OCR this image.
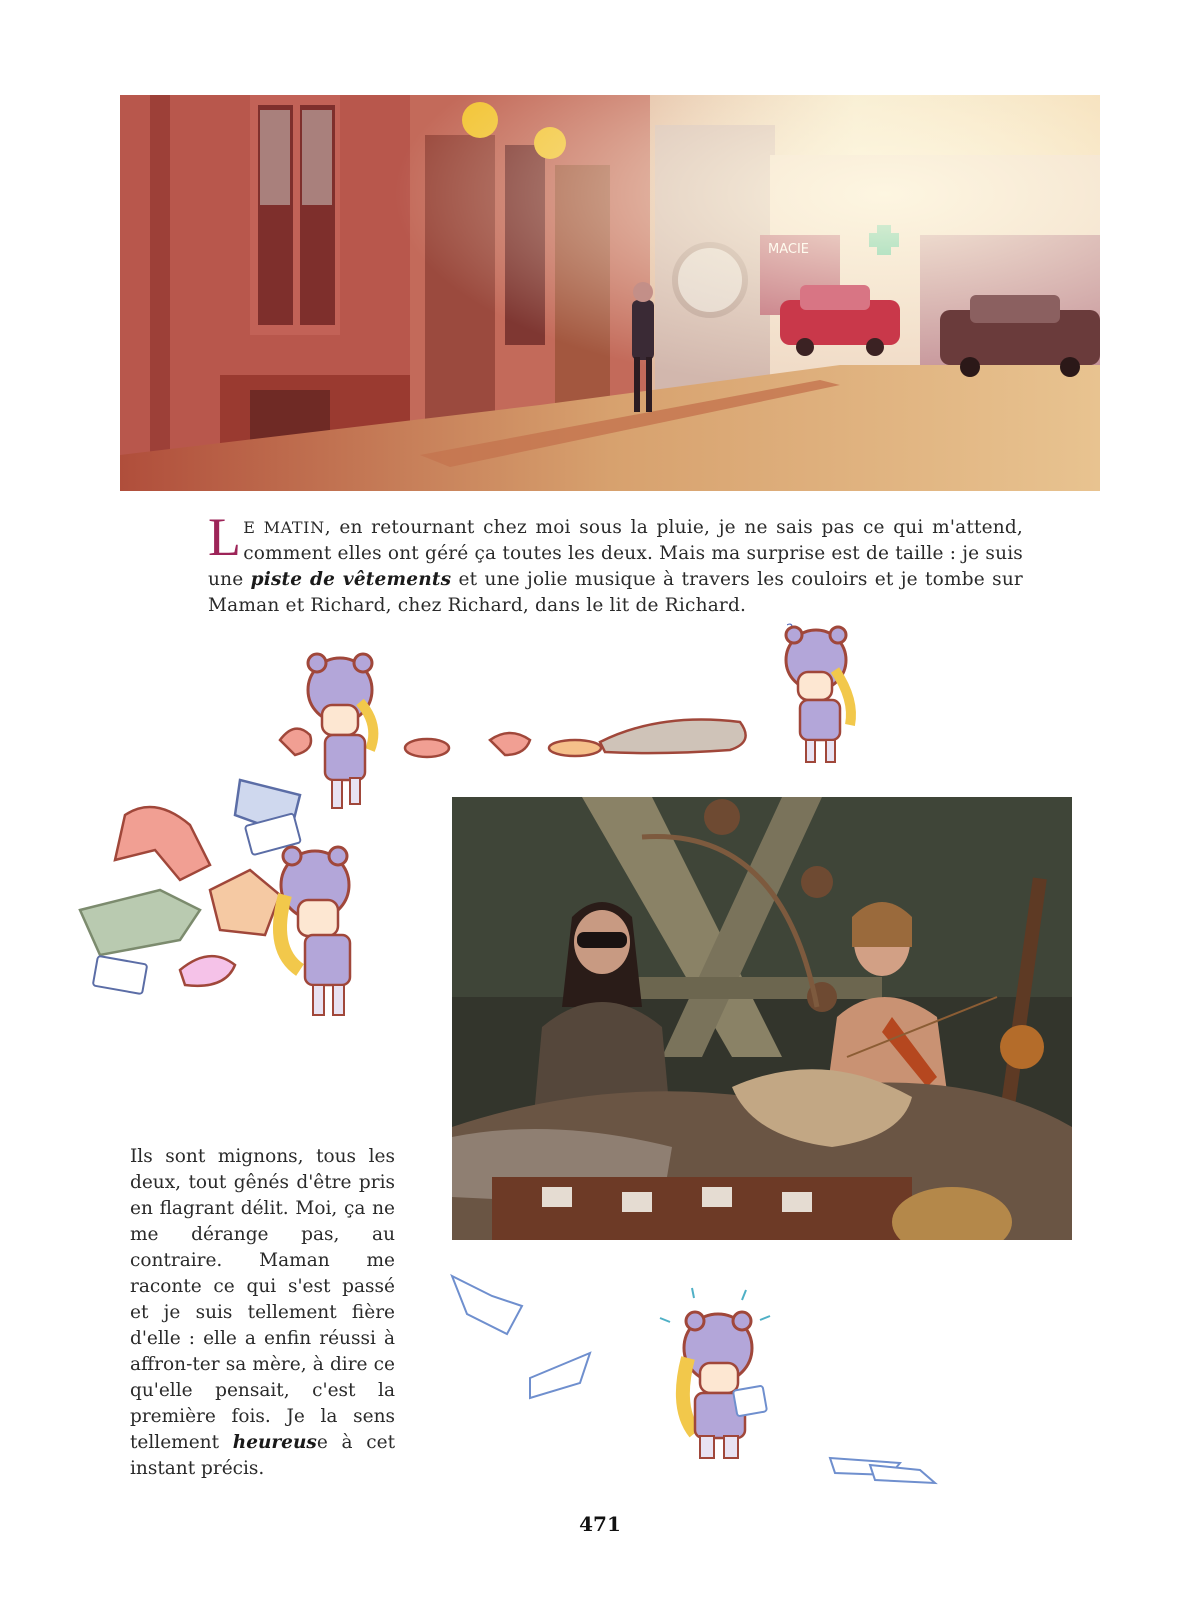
L E MATIN, en retournant chez moi sous la pluie, je ne sais pas ce qui m'attend, comment elles ont géré ça toutes les deux. Mais ma surprise est de taille : je suis une piste de vêtements et une jolie musique à travers les couloirs et je tombe sur Maman et Richard, chez Richard, dans le lit de Richard.
Ils sont mignons, tous les deux, tout gênés d'être pris en flagrant délit. Moi, ça ne me dérange pas, au contraire. Maman me raconte ce qui s'est passé et je suis tellement fière d'elle : elle a enfin réussi à affron-ter sa mère, à dire ce qu'elle pensait, c'est la première fois. Je la sens tellement heureuse à cet instant précis.
471
